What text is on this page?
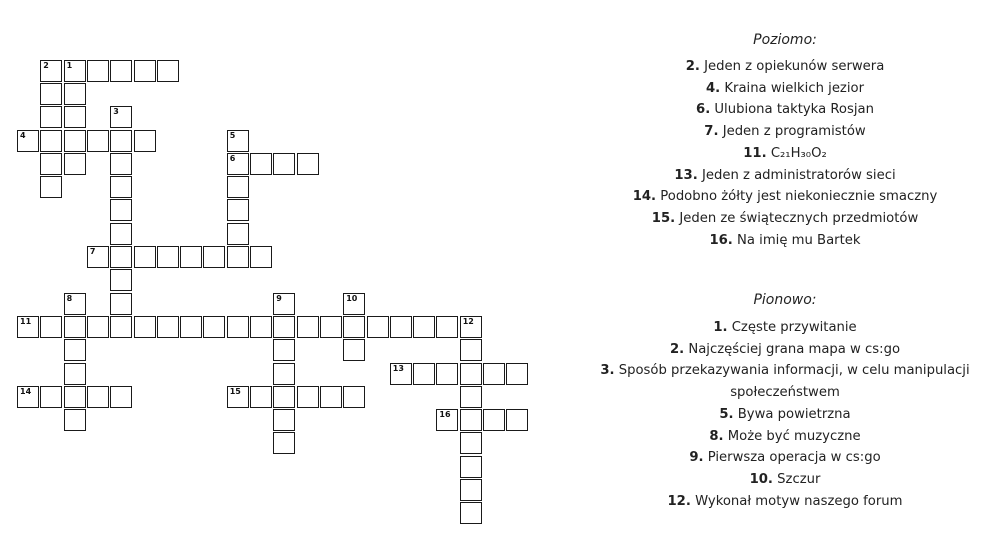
1
2
3
4	5
6
7
8	9	10
11	12
13
14	15
16
Poziomo:
2. Jeden z opiekunów serwera
4. Kraina wielkich jezior
6. Ulubiona taktyka Rosjan
7. Jeden z programistów
11. C₂₁H₃₀O₂
13. Jeden z administratorów sieci
14. Podobno żółty jest niekoniecznie smaczny
15. Jeden ze świątecznych przedmiotów
16. Na imię mu Bartek
Pionowo:
1. Częste przywitanie
2. Najczęściej grana mapa w cs:go
3. Sposób przekazywania informacji, w celu manipulacji społeczeństwem
5. Bywa powietrzna
8. Może być muzyczne
9. Pierwsza operacja w cs:go
10. Szczur
12. Wykonał motyw naszego forum
